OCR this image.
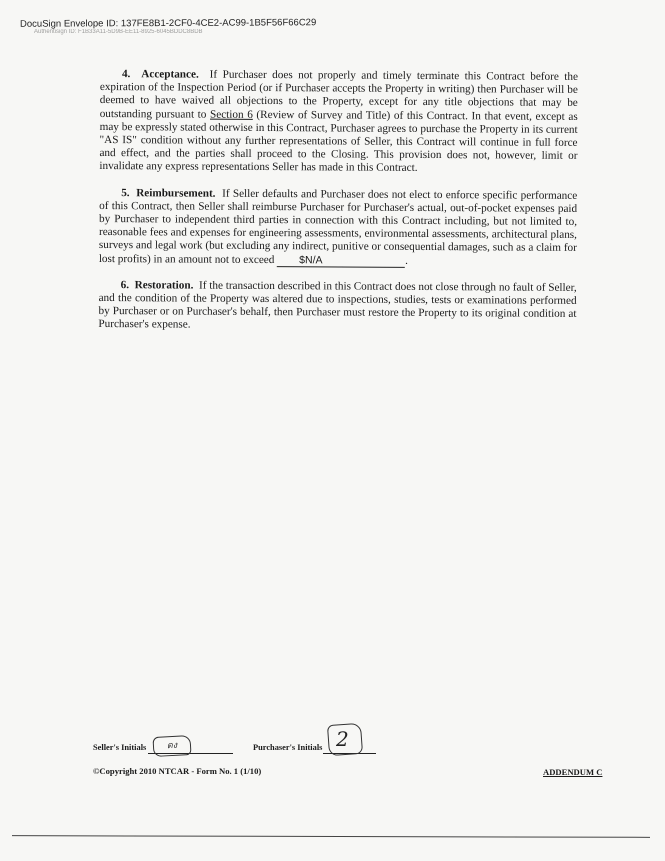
DocuSign Envelope ID: 137FE8B1-2CF0-4CE2-AC99-1B5F56F66C29
Authentisign ID: F1B33A11-5D9B-EE11-8925-6045BDDC8BDB

4. Acceptance. If Purchaser does not properly and timely terminate this Contract before the expiration of the Inspection Period (or if Purchaser accepts the Property in writing) then Purchaser will be deemed to have waived all objections to the Property, except for any title objections that may be outstanding pursuant to Section 6 (Review of Survey and Title) of this Contract. In that event, except as may be expressly stated otherwise in this Contract, Purchaser agrees to purchase the Property in its current "AS IS" condition without any further representations of Seller, this Contract will continue in full force and effect, and the parties shall proceed to the Closing. This provision does not, however, limit or invalidate any express representations Seller has made in this Contract.

5. Reimbursement. If Seller defaults and Purchaser does not elect to enforce specific performance of this Contract, then Seller shall reimburse Purchaser for Purchaser's actual, out-of-pocket expenses paid by Purchaser to independent third parties in connection with this Contract including, but not limited to, reasonable fees and expenses for engineering assessments, environmental assessments, architectural plans, surveys and legal work (but excluding any indirect, punitive or consequential damages, such as a claim for lost profits) in an amount not to exceed $N/A	.

6. Restoration. If the transaction described in this Contract does not close through no fault of Seller, and the condition of the Property was altered due to inspections, studies, tests or examinations performed by Purchaser or on Purchaser's behalf, then Purchaser must restore the Property to its original condition at Purchaser's expense.

Seller's Initials	ดง	Purchaser's Initials 2
©Copyright 2010 NTCAR - Form No. 1 (1/10)	ADDENDUM C
